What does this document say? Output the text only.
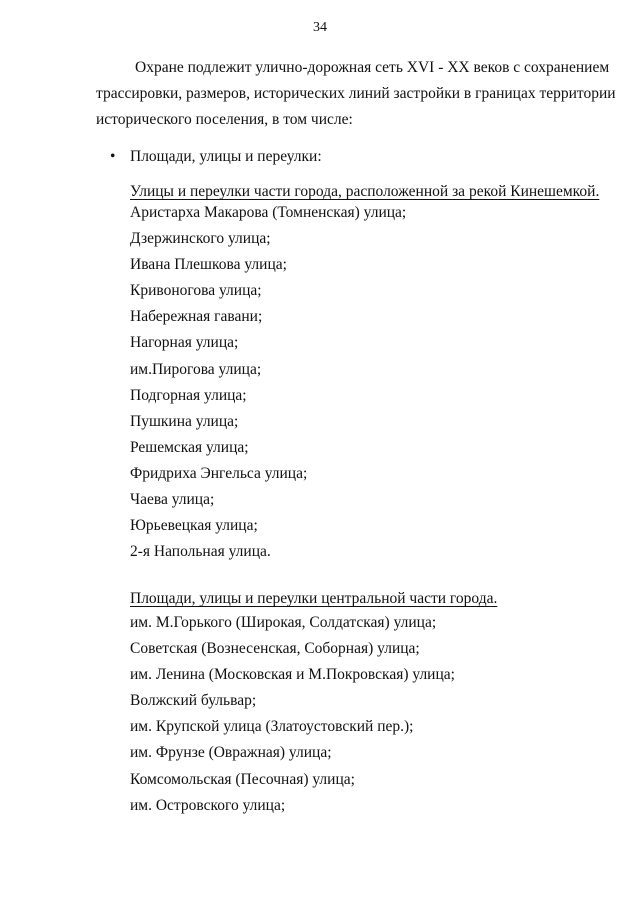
34
Охране подлежит улично-дорожная сеть XVI - XX веков с сохранением
трассировки, размеров, исторических линий застройки в границах территории
исторического поселения, в том числе:
• Площади, улицы и переулки:
Улицы и переулки части города, расположенной за рекой Кинешемкой.
Аристарха Макарова (Томненская) улица;
Дзержинского улица;
Ивана Плешкова улица;
Кривоногова улица;
Набережная гавани;
Нагорная улица;
им.Пирогова улица;
Подгорная улица;
Пушкина улица;
Решемская улица;
Фридриха Энгельса улица;
Чаева улица;
Юрьевецкая улица;
2-я Напольная улица.
Площади, улицы и переулки центральной части города.
им. М.Горького (Широкая, Солдатская) улица;
Советская (Вознесенская, Соборная) улица;
им. Ленина (Московская и М.Покровская) улица;
Волжский бульвар;
им. Крупской улица (Златоустовский пер.);
им. Фрунзе (Овражная) улица;
Комсомольская (Песочная) улица;
им. Островского улица;
